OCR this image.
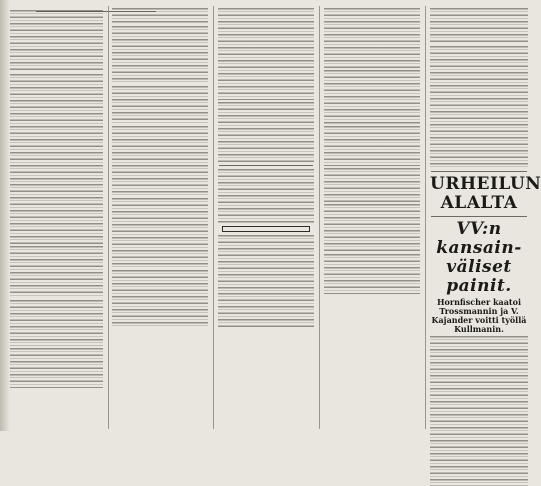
URHEILUN ALALTA
VV:n kansain-väliset painit.
Hornfischer kaatoi Trossmannin ja V. Kajander voitti työllä Kullmanin.
